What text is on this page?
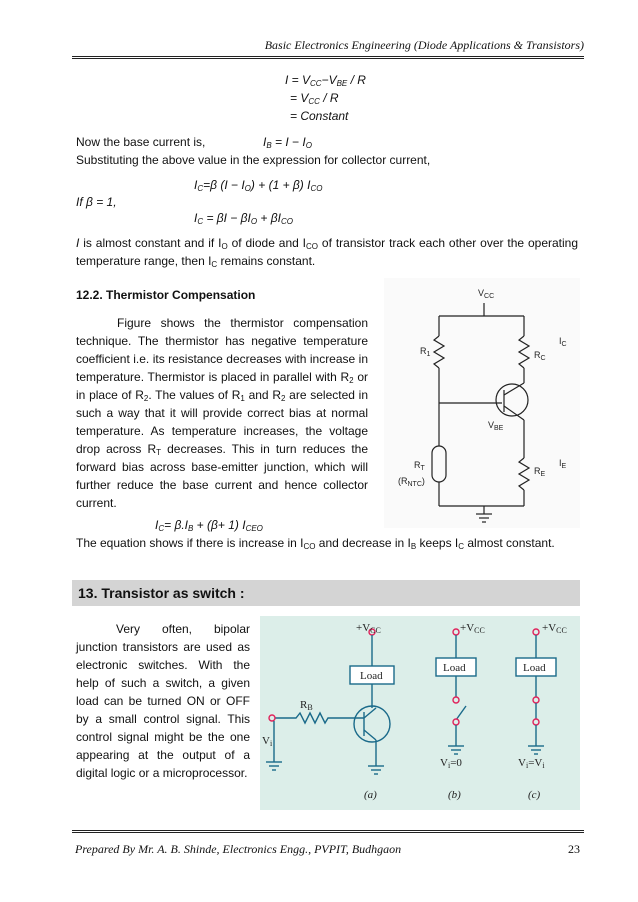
Basic Electronics Engineering (Diode Applications & Transistors)
$I = V_{CC}-V_{BE} / R$
= $V_{CC}$ / R
= Constant
Now the base current is,	$I_B = I - I_O$
Substituting the above value in the expression for collector current,
$I_C=\beta$ $(I - I_O) + (1 + \beta)$ $I_{CO}$
If β = 1,
$I_C = \beta I - \beta I_O + \beta I_{CO}$
I is almost constant and if $I_O$ of diode and $I_{CO}$ of transistor track each other over the operating temperature range, then $I_C$ remains constant.
12.2. Thermistor Compensation
Figure shows the thermistor compensation technique. The thermistor has negative temperature coefficient i.e. its resistance decreases with increase in temperature. Thermistor is placed in parallel with $R_2$ or in place of $R_2$. The values of $R_1$ and $R_2$ are selected in such a way that it will provide correct bias at normal temperature. As temperature increases, the voltage drop across $R_T$ decreases. This in turn reduces the forward bias across base-emitter junction, which will further reduce the base current and hence collector current.
$I_C= \beta.I_B + (\beta+ 1)$ $I_{CEO}$
The equation shows if there is increase in $I_{CO}$ and decrease in $I_B$ keeps $I_C$ almost constant.
$V_{CC}$
$R_1$	$R_C$
$I_C$
$V_{BE}$
$R_T$
$(R_{NTC})$
$R_E$
$I_E$
13. Transistor as switch :
Very often, bipolar junction transistors are used as electronic switches. With the help of such a switch, a given load can be turned ON or OFF by a small control signal. This control signal might be the one appearing at the output of a digital logic or a microprocessor.
+VCC	+VCC	+VCC
Load
Load	Load
RB
Vi
Vi=0	Vi=Vi
(a)	(b)	(c)
Prepared By Mr. A. B. Shinde, Electronics Engg., PVPIT, Budhgaon	23
